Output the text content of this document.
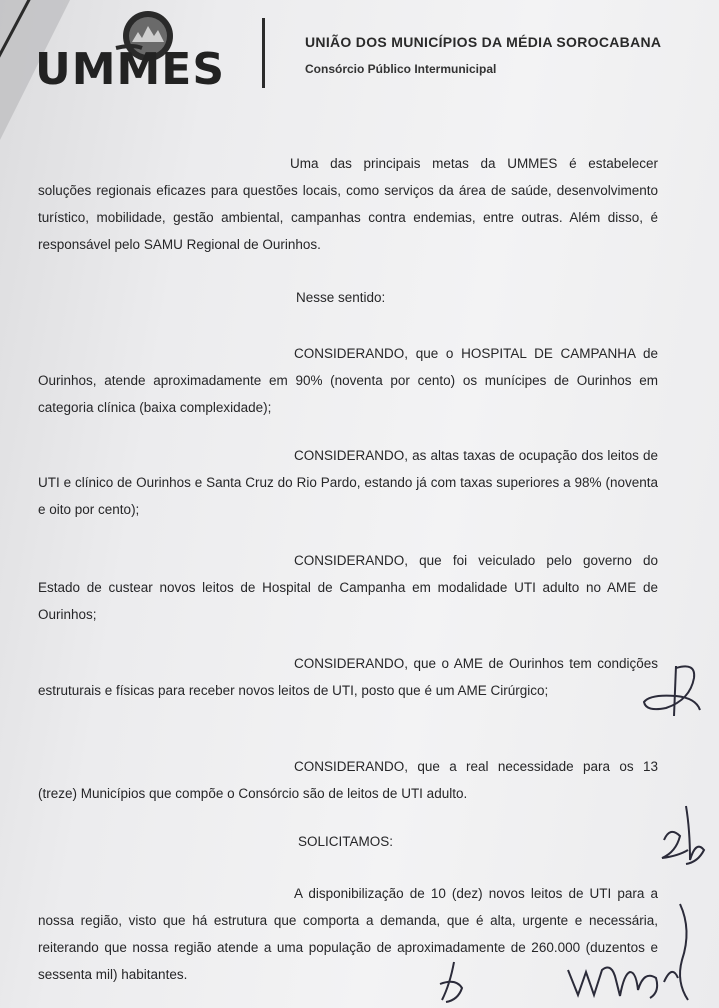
UMMES
UNIÃO DOS MUNICÍPIOS DA MÉDIA SOROCABANA
Consórcio Público Intermunicipal

Uma das principais metas da UMMES é estabelecer soluções regionais eficazes para questões locais, como serviços da área de saúde, desenvolvimento turístico, mobilidade, gestão ambiental, campanhas contra endemias, entre outras. Além disso, é responsável pelo SAMU Regional de Ourinhos.

Nesse sentido:

CONSIDERANDO, que o HOSPITAL DE CAMPANHA de Ourinhos, atende aproximadamente em 90% (noventa por cento) os munícipes de Ourinhos em categoria clínica (baixa complexidade);

CONSIDERANDO, as altas taxas de ocupação dos leitos de UTI e clínico de Ourinhos e Santa Cruz do Rio Pardo, estando já com taxas superiores a 98% (noventa e oito por cento);

CONSIDERANDO, que foi veiculado pelo governo do Estado de custear novos leitos de Hospital de Campanha em modalidade UTI adulto no AME de Ourinhos;

CONSIDERANDO, que o AME de Ourinhos tem condições estruturais e físicas para receber novos leitos de UTI, posto que é um AME Cirúrgico;

CONSIDERANDO, que a real necessidade para os 13 (treze) Municípios que compõe o Consórcio são de leitos de UTI adulto.

SOLICITAMOS:

A disponibilização de 10 (dez) novos leitos de UTI para a nossa região, visto que há estrutura que comporta a demanda, que é alta, urgente e necessária, reiterando que nossa região atende a uma população de aproximadamente de 260.000 (duzentos e sessenta mil) habitantes.
